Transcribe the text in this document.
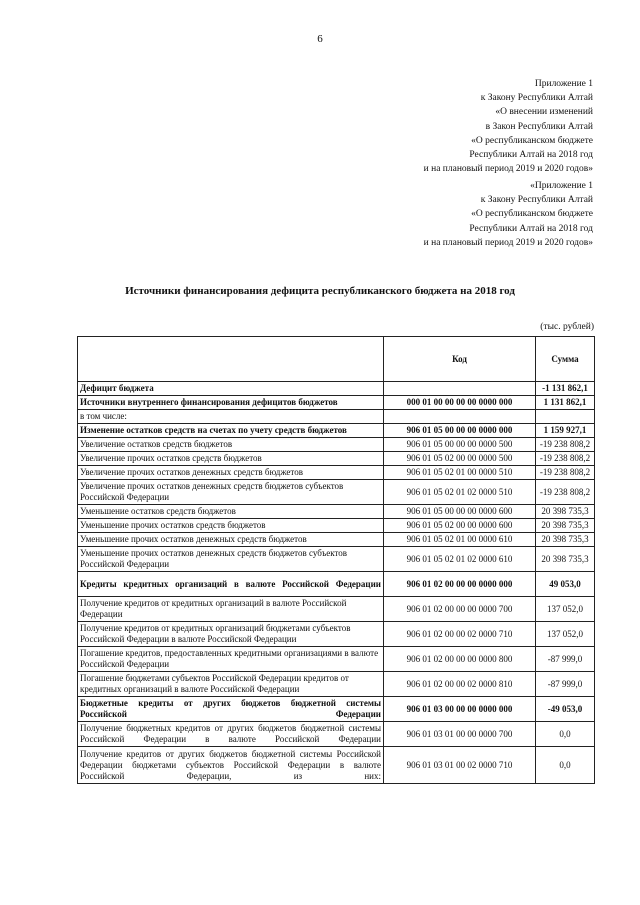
6
Приложение 1
к Закону Республики Алтай
«О внесении изменений
в Закон Республики Алтай
«О республиканском бюджете
Республики Алтай на 2018 год
и на плановый период 2019 и 2020 годов»
«Приложение 1
к Закону Республики Алтай
«О республиканском бюджете
Республики Алтай на 2018 год
и на плановый период 2019 и 2020 годов»
Источники финансирования дефицита республиканского бюджета на 2018 год
(тыс. рублей)
	Код	Сумма
Дефицит бюджета		-1 131 862,1
Источники внутреннего финансирования дефицитов бюджетов	000 01 00 00 00 00 0000 000	1 131 862,1
в том числе:		
Изменение остатков средств на счетах по учету средств бюджетов	906 01 05 00 00 00 0000 000	1 159 927,1
Увеличение остатков средств бюджетов	906 01 05 00 00 00 0000 500	-19 238 808,2
Увеличение прочих остатков средств бюджетов	906 01 05 02 00 00 0000 500	-19 238 808,2
Увеличение прочих остатков денежных средств бюджетов	906 01 05 02 01 00 0000 510	-19 238 808,2
Увеличение прочих остатков денежных средств бюджетов субъектов Российской Федерации	906 01 05 02 01 02 0000 510	-19 238 808,2
Уменьшение остатков средств бюджетов	906 01 05 00 00 00 0000 600	20 398 735,3
Уменьшение прочих остатков средств бюджетов	906 01 05 02 00 00 0000 600	20 398 735,3
Уменьшение прочих остатков денежных средств бюджетов	906 01 05 02 01 00 0000 610	20 398 735,3
Уменьшение прочих остатков денежных средств бюджетов субъектов Российской Федерации	906 01 05 02 01 02 0000 610	20 398 735,3
Кредиты кредитных организаций в валюте Российской Федерации	906 01 02 00 00 00 0000 000	49 053,0
Получение кредитов от кредитных организаций в валюте Российской Федерации	906 01 02 00 00 00 0000 700	137 052,0
Получение кредитов от кредитных организаций бюджетами субъектов Российской Федерации в валюте Российской Федерации	906 01 02 00 00 02 0000 710	137 052,0
Погашение кредитов, предоставленных кредитными организациями в валюте Российской Федерации	906 01 02 00 00 00 0000 800	-87 999,0
Погашение бюджетами субъектов Российской Федерации кредитов от кредитных организаций в валюте Российской Федерации	906 01 02 00 00 02 0000 810	-87 999,0
Бюджетные кредиты от других бюджетов бюджетной системы Российской Федерации	906 01 03 00 00 00 0000 000	-49 053,0
Получение бюджетных кредитов от других бюджетов бюджетной системы Российской Федерации в валюте Российской Федерации	906 01 03 01 00 00 0000 700	0,0
Получение кредитов от других бюджетов бюджетной системы Российской Федерации бюджетами субъектов Российской Федерации в валюте Российской Федерации, из них:	906 01 03 01 00 02 0000 710	0,0
